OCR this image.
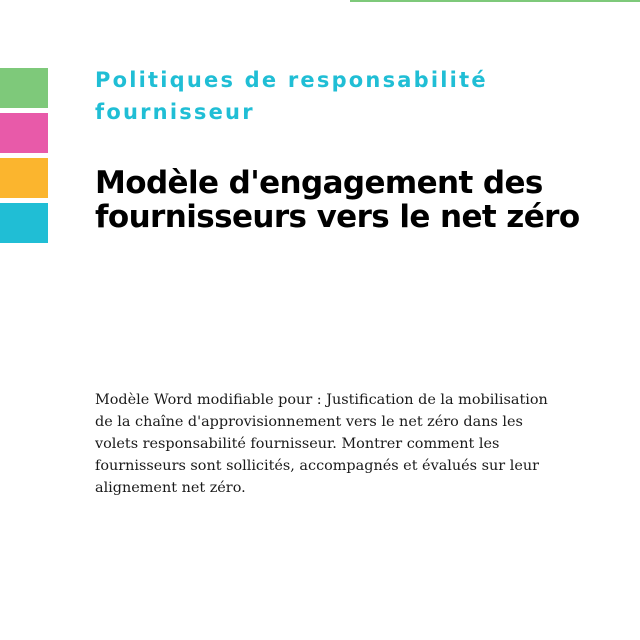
Politiques de responsabilité fournisseur

Modèle d'engagement des fournisseurs vers le net zéro

Modèle Word modifiable pour : Justification de la mobilisation de la chaîne d'approvisionnement vers le net zéro dans les volets responsabilité fournisseur. Montrer comment les fournisseurs sont sollicités, accompagnés et évalués sur leur alignement net zéro.
